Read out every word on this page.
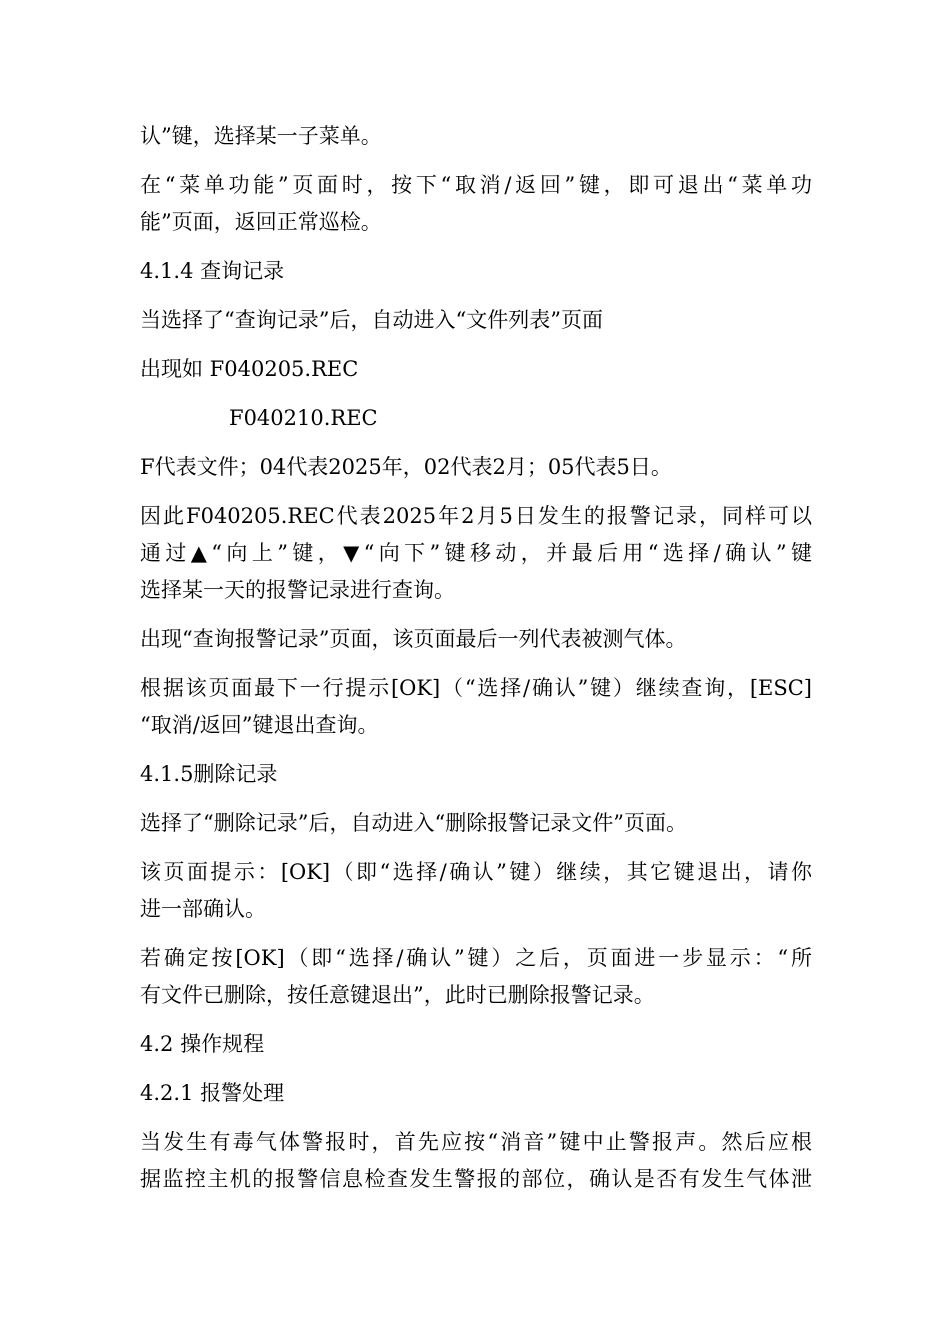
认”键，选择某一子菜单。
在“菜单功能”页面时，按下“取消/返回”键，即可退出“菜单功
能”页面，返回正常巡检。
4.1.4 查询记录
当选择了“查询记录”后，自动进入“文件列表”页面
出现如 F040205.REC
F040210.REC
F代表文件；04代表2025年，02代表2月；05代表5日。
因此F040205.REC代表2025年2月5日发生的报警记录，同样可以
通过▲“向上”键，▼“向下”键移动，并最后用“选择/确认”键
选择某一天的报警记录进行查询。
出现“查询报警记录”页面，该页面最后一列代表被测气体。
根据该页面最下一行提示[OK]（“选择/确认”键）继续查询，[ESC]
“取消/返回”键退出查询。
4.1.5删除记录
选择了“删除记录”后，自动进入“删除报警记录文件”页面。
该页面提示：[OK]（即“选择/确认”键）继续，其它键退出，请你
进一部确认。
若确定按[OK]（即“选择/确认”键）之后，页面进一步显示：“所
有文件已删除，按任意键退出”，此时已删除报警记录。
4.2 操作规程
4.2.1 报警处理
当发生有毒气体警报时，首先应按“消音”键中止警报声。然后应根
据监控主机的报警信息检查发生警报的部位，确认是否有发生气体泄
